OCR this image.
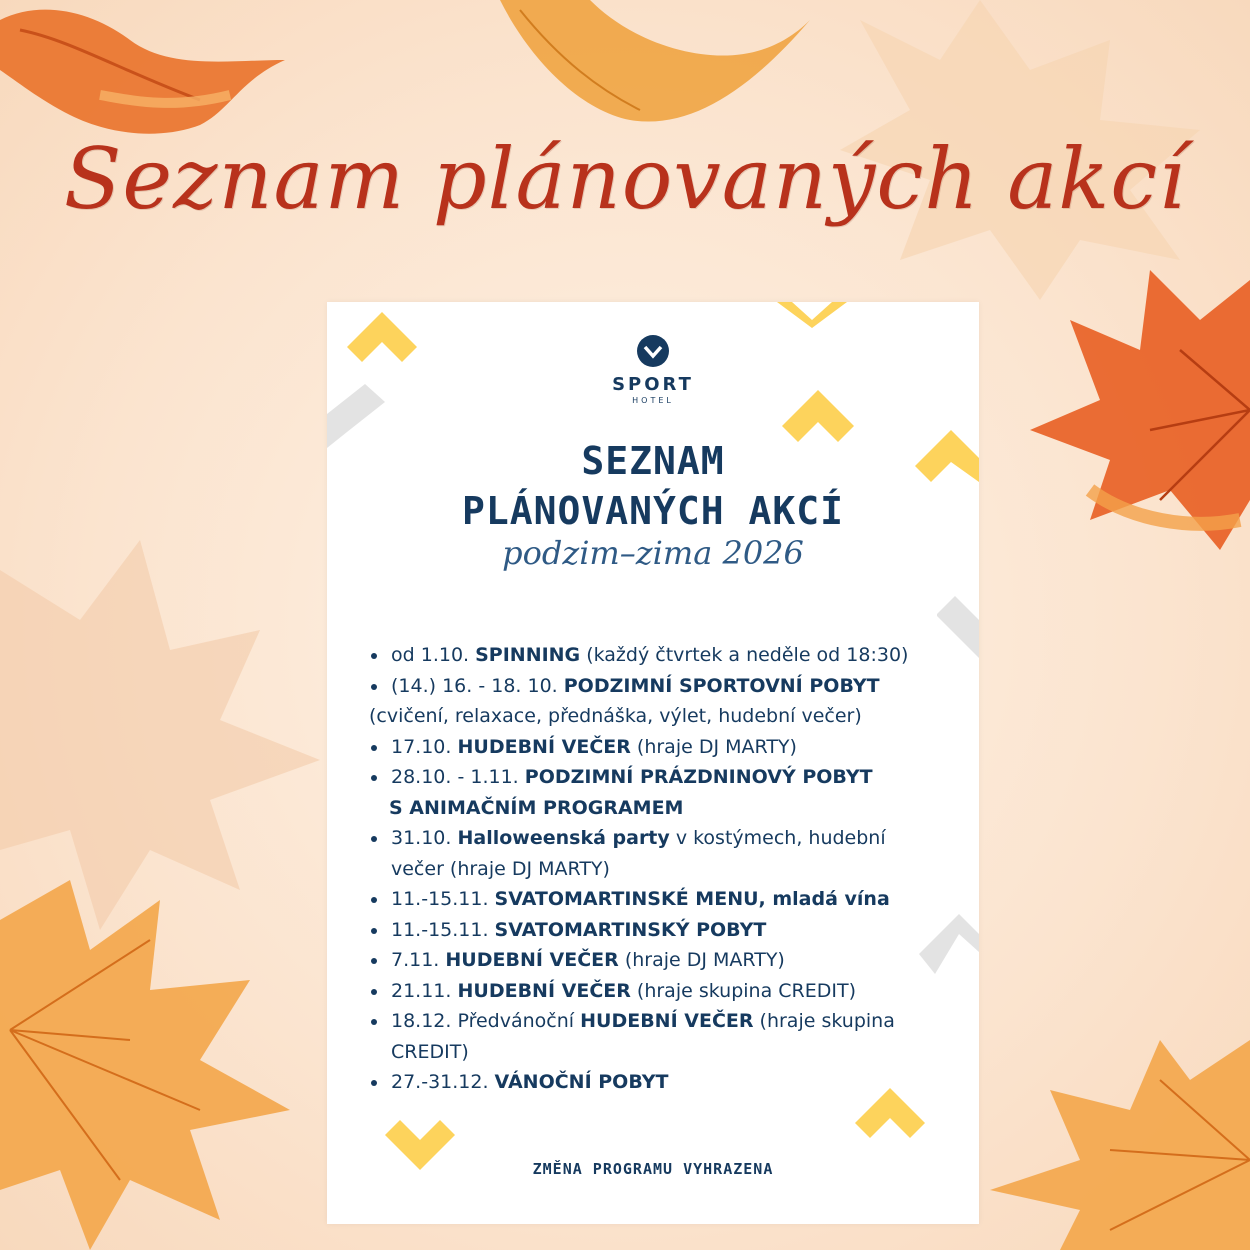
Seznam plánovaných akcí
SPORT
HOTEL
SEZNAM
PLÁNOVANÝCH AKCÍ
podzim–zima 2026
od 1.10. SPINNING (každý čtvrtek a neděle od 18:30)
(14.) 16. - 18. 10. PODZIMNÍ SPORTOVNÍ POBYT
(cvičení, relaxace, přednáška, výlet, hudební večer)
17.10. HUDEBNÍ VEČER (hraje DJ MARTY)
28.10. - 1.11. PODZIMNÍ PRÁZDNINOVÝ POBYT
S ANIMAČNÍM PROGRAMEM
31.10. Halloweenská party v kostýmech, hudební
večer (hraje DJ MARTY)
11.-15.11. SVATOMARTINSKÉ MENU, mladá vína
11.-15.11. SVATOMARTINSKÝ POBYT
7.11. HUDEBNÍ VEČER (hraje DJ MARTY)
21.11. HUDEBNÍ VEČER (hraje skupina CREDIT)
18.12. Předvánoční HUDEBNÍ VEČER (hraje skupina
CREDIT)
27.-31.12. VÁNOČNÍ POBYT
ZMĚNA PROGRAMU VYHRAZENA
